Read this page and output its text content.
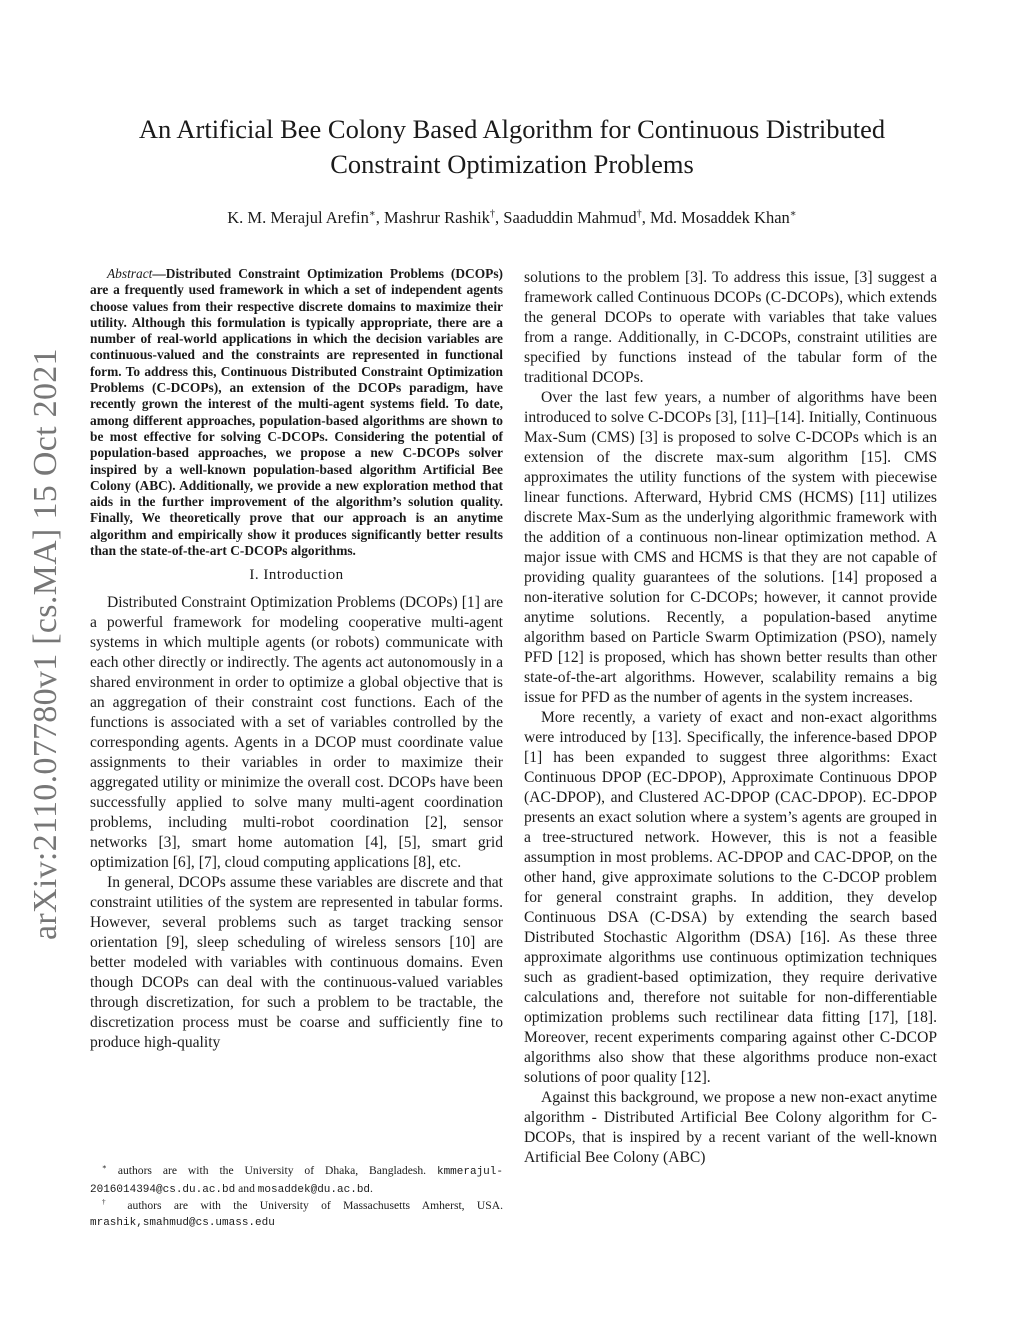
arXiv:2110.07780v1 [cs.MA] 15 Oct 2021
An Artificial Bee Colony Based Algorithm for Continuous Distributed
Constraint Optimization Problems
K. M. Merajul Arefin∗, Mashrur Rashik†, Saaduddin Mahmud†, Md. Mosaddek Khan∗

Abstract—Distributed Constraint Optimization Problems (DCOPs) are a frequently used framework in which a set of independent agents choose values from their respective discrete domains to maximize their utility. Although this formulation is typically appropriate, there are a number of real-world applications in which the decision variables are continuous-valued and the constraints are represented in functional form. To address this, Continuous Distributed Constraint Optimization Problems (C-DCOPs), an extension of the DCOPs paradigm, have recently grown the interest of the multi-agent systems field. To date, among different approaches, population-based algorithms are shown to be most effective for solving C-DCOPs. Considering the potential of population-based approaches, we propose a new C-DCOPs solver inspired by a well-known population-based algorithm Artificial Bee Colony (ABC). Additionally, we provide a new exploration method that aids in the further improvement of the algorithm’s solution quality. Finally, We theoretically prove that our approach is an anytime algorithm and empirically show it produces significantly better results than the state-of-the-art C-DCOPs algorithms.

I. Introduction

Distributed Constraint Optimization Problems (DCOPs) [1] are a powerful framework for modeling cooperative multi-agent systems in which multiple agents (or robots) communicate with each other directly or indirectly. The agents act autonomously in a shared environment in order to optimize a global objective that is an aggregation of their constraint cost functions. Each of the functions is associated with a set of variables controlled by the corresponding agents. Agents in a DCOP must coordinate value assignments to their variables in order to maximize their aggregated utility or minimize the overall cost. DCOPs have been successfully applied to solve many multi-agent coordination problems, including multi-robot coordination [2], sensor networks [3], smart home automation [4], [5], smart grid optimization [6], [7], cloud computing applications [8], etc.

In general, DCOPs assume these variables are discrete and that constraint utilities of the system are represented in tabular forms. However, several problems such as target tracking sensor orientation [9], sleep scheduling of wireless sensors [10] are better modeled with variables with continuous domains. Even though DCOPs can deal with the continuous-valued variables through discretization, for such a problem to be tractable, the discretization process must be coarse and sufficiently fine to produce high-quality

solutions to the problem [3]. To address this issue, [3] suggest a framework called Continuous DCOPs (C-DCOPs), which extends the general DCOPs to operate with variables that take values from a range. Additionally, in C-DCOPs, constraint utilities are specified by functions instead of the tabular form of the traditional DCOPs.

Over the last few years, a number of algorithms have been introduced to solve C-DCOPs [3], [11]–[14]. Initially, Continuous Max-Sum (CMS) [3] is proposed to solve C-DCOPs which is an extension of the discrete max-sum algorithm [15]. CMS approximates the utility functions of the system with piecewise linear functions. Afterward, Hybrid CMS (HCMS) [11] utilizes discrete Max-Sum as the underlying algorithmic framework with the addition of a continuous non-linear optimization method. A major issue with CMS and HCMS is that they are not capable of providing quality guarantees of the solutions. [14] proposed a non-iterative solution for C-DCOPs; however, it cannot provide anytime solutions. Recently, a population-based anytime algorithm based on Particle Swarm Optimization (PSO), namely PFD [12] is proposed, which has shown better results than other state-of-the-art algorithms. However, scalability remains a big issue for PFD as the number of agents in the system increases.

More recently, a variety of exact and non-exact algorithms were introduced by [13]. Specifically, the inference-based DPOP [1] has been expanded to suggest three algorithms: Exact Continuous DPOP (EC-DPOP), Approximate Continuous DPOP (AC-DPOP), and Clustered AC-DPOP (CAC-DPOP). EC-DPOP presents an exact solution where a system’s agents are grouped in a tree-structured network. However, this is not a feasible assumption in most problems. AC-DPOP and CAC-DPOP, on the other hand, give approximate solutions to the C-DCOP problem for general constraint graphs. In addition, they develop Continuous DSA (C-DSA) by extending the search based Distributed Stochastic Algorithm (DSA) [16]. As these three approximate algorithms use continuous optimization techniques such as gradient-based optimization, they require derivative calculations and, therefore not suitable for non-differentiable optimization problems such rectilinear data fitting [17], [18]. Moreover, recent experiments comparing against other C-DCOP algorithms also show that these algorithms produce non-exact solutions of poor quality [12].

Against this background, we propose a new non-exact anytime algorithm - Distributed Artificial Bee Colony algorithm for C-DCOPs, that is inspired by a recent variant of the well-known Artificial Bee Colony (ABC)

∗ authors are with the University of Dhaka, Bangladesh. kmmerajul-2016014394@cs.du.ac.bd and mosaddek@du.ac.bd.

† authors are with the University of Massachusetts Amherst, USA. mrashik,smahmud@cs.umass.edu
